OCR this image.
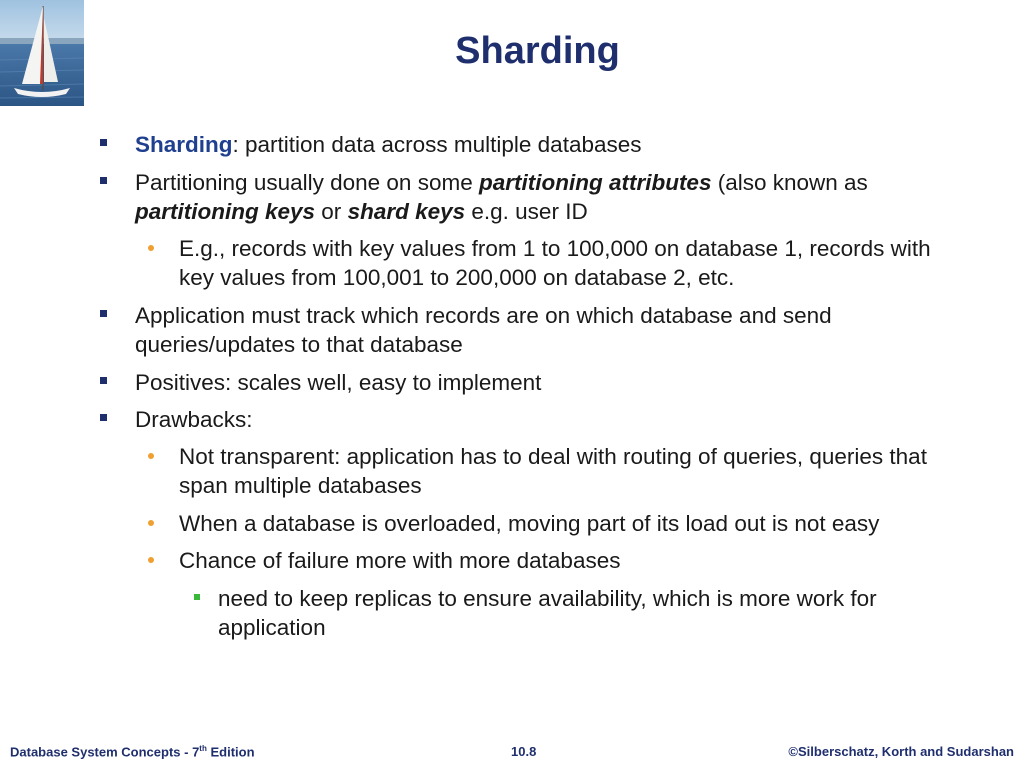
Sharding
Sharding: partition data across multiple databases
Partitioning usually done on some partitioning attributes (also known as partitioning keys or shard keys e.g. user ID
E.g., records with key values from 1 to 100,000 on database 1, records with key values from 100,001 to 200,000 on database 2, etc.
Application must track which records are on which database and send queries/updates to that database
Positives: scales well, easy to implement
Drawbacks:
Not transparent: application has to deal with routing of queries, queries that span multiple databases
When a database is overloaded, moving part of its load out is not easy
Chance of failure more with more databases
need to keep replicas to ensure availability, which is more work for application
Database System Concepts - 7th Edition	10.8	©Silberschatz, Korth and Sudarshan
